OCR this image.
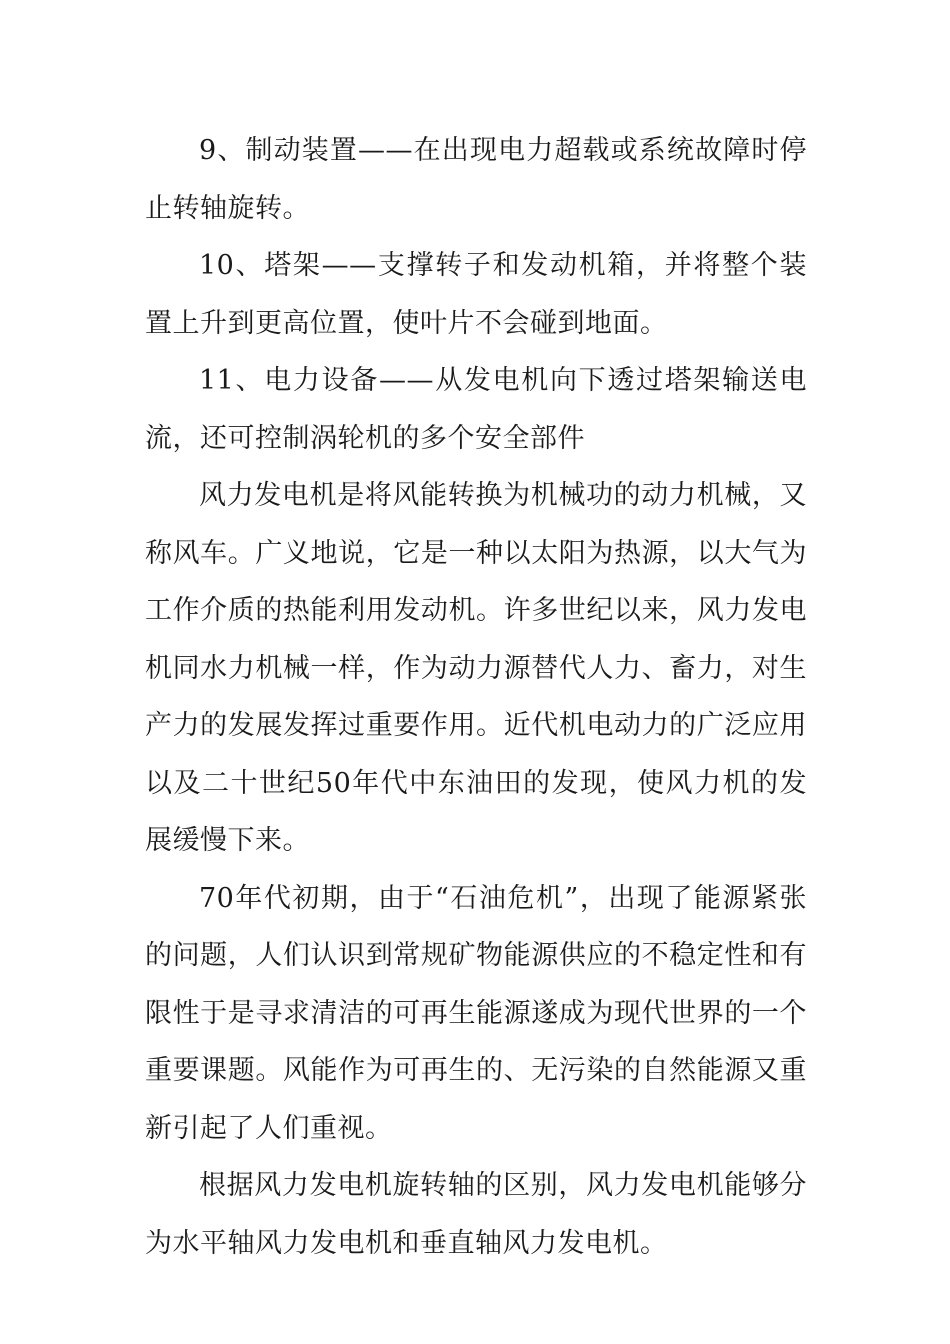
9、制动装置——在出现电力超载或系统故障时停止转轴旋转。

10、塔架——支撑转子和发动机箱，并将整个装置上升到更高位置，使叶片不会碰到地面。

11、电力设备——从发电机向下透过塔架输送电流，还可控制涡轮机的多个安全部件

风力发电机是将风能转换为机械功的动力机械，又称风车。广义地说，它是一种以太阳为热源，以大气为工作介质的热能利用发动机。许多世纪以来，风力发电机同水力机械一样，作为动力源替代人力、畜力，对生产力的发展发挥过重要作用。近代机电动力的广泛应用以及二十世纪50年代中东油田的发现，使风力机的发展缓慢下来。

70年代初期，由于“石油危机”，出现了能源紧张的问题，人们认识到常规矿物能源供应的不稳定性和有限性于是寻求清洁的可再生能源遂成为现代世界的一个重要课题。风能作为可再生的、无污染的自然能源又重新引起了人们重视。

根据风力发电机旋转轴的区别，风力发电机能够分为水平轴风力发电机和垂直轴风力发电机。
